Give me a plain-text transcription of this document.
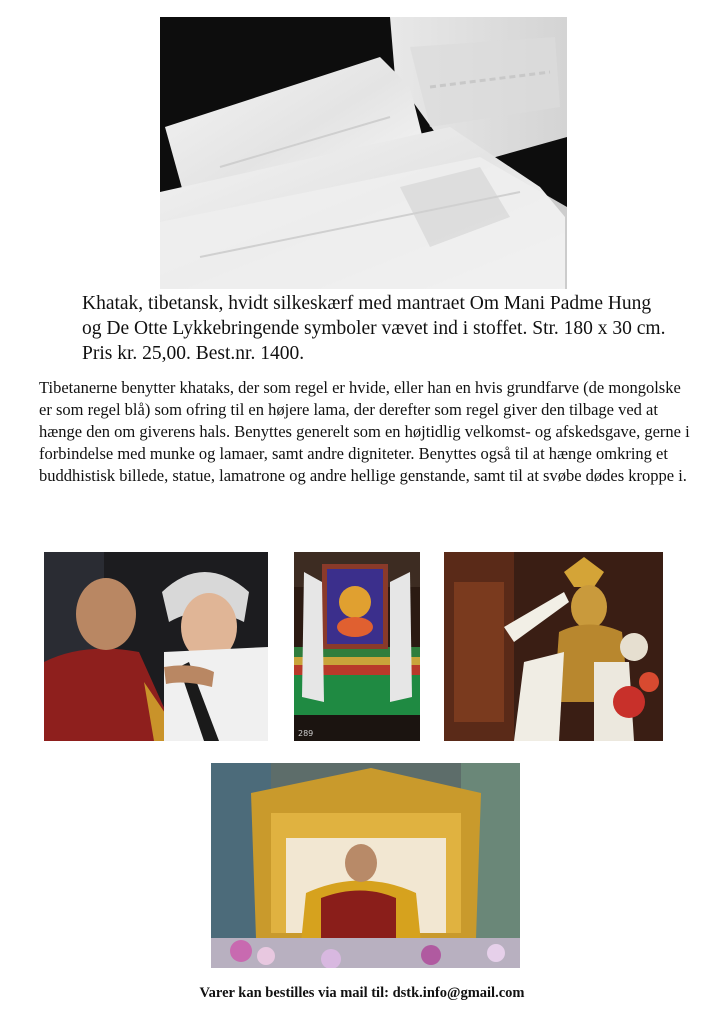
Khatak, tibetansk, hvidt silkeskærf med mantraet Om Mani Padme Hung og De Otte Lykkebringende symboler vævet ind i stoffet. Str. 180 x 30 cm. Pris kr. 25,00. Best.nr. 1400.
Tibetanerne benytter khataks, der som regel er hvide, eller han en hvis grundfarve (de mongolske er som regel blå) som ofring til en højere lama, der derefter som regel giver den tilbage ved at hænge den om giverens hals. Benyttes generelt som en højtidlig velkomst- og afskedsgave, gerne i forbindelse med munke og lamaer, samt andre digniteter. Benyttes også til at hænge omkring et buddhistisk billede, statue, lamatrone og andre hellige genstande, samt til at svøbe dødes kroppe i.
289
Varer kan bestilles via mail til: dstk.info@gmail.com
